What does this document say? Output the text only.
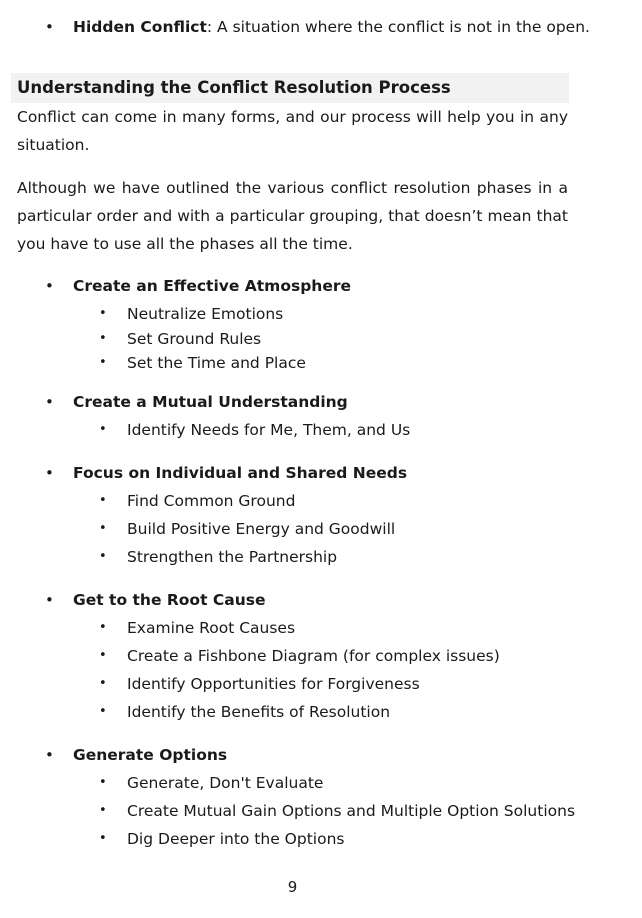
• Hidden Conflict: A situation where the conflict is not in the open.
Understanding the Conflict Resolution Process
Conflict can come in many forms, and our process will help you in any situation.
Although we have outlined the various conflict resolution phases in a particular order and with a particular grouping, that doesn’t mean that you have to use all the phases all the time.
• Create an Effective Atmosphere
• Neutralize Emotions
• Set Ground Rules
• Set the Time and Place
• Create a Mutual Understanding
• Identify Needs for Me, Them, and Us
• Focus on Individual and Shared Needs
• Find Common Ground
• Build Positive Energy and Goodwill
• Strengthen the Partnership
• Get to the Root Cause
• Examine Root Causes
• Create a Fishbone Diagram (for complex issues)
• Identify Opportunities for Forgiveness
• Identify the Benefits of Resolution
• Generate Options
• Generate, Don't Evaluate
• Create Mutual Gain Options and Multiple Option Solutions
• Dig Deeper into the Options
9
